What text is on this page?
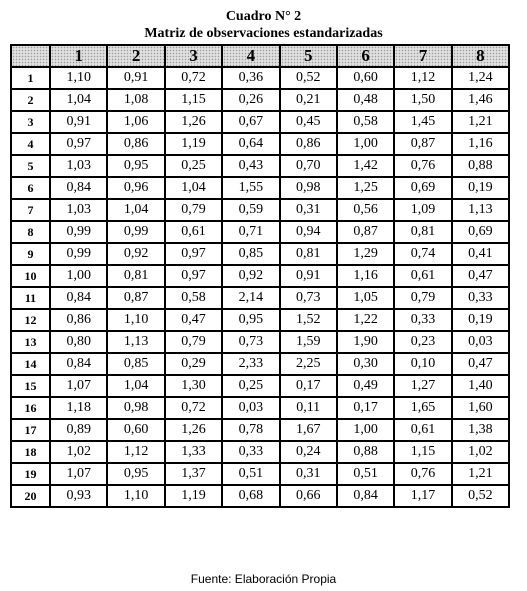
Cuadro N° 2
Matriz de observaciones estandarizadas
	1	2	3	4	5	6	7	8
1	1,10	0,91	0,72	0,36	0,52	0,60	1,12	1,24
2	1,04	1,08	1,15	0,26	0,21	0,48	1,50	1,46
3	0,91	1,06	1,26	0,67	0,45	0,58	1,45	1,21
4	0,97	0,86	1,19	0,64	0,86	1,00	0,87	1,16
5	1,03	0,95	0,25	0,43	0,70	1,42	0,76	0,88
6	0,84	0,96	1,04	1,55	0,98	1,25	0,69	0,19
7	1,03	1,04	0,79	0,59	0,31	0,56	1,09	1,13
8	0,99	0,99	0,61	0,71	0,94	0,87	0,81	0,69
9	0,99	0,92	0,97	0,85	0,81	1,29	0,74	0,41
10	1,00	0,81	0,97	0,92	0,91	1,16	0,61	0,47
11	0,84	0,87	0,58	2,14	0,73	1,05	0,79	0,33
12	0,86	1,10	0,47	0,95	1,52	1,22	0,33	0,19
13	0,80	1,13	0,79	0,73	1,59	1,90	0,23	0,03
14	0,84	0,85	0,29	2,33	2,25	0,30	0,10	0,47
15	1,07	1,04	1,30	0,25	0,17	0,49	1,27	1,40
16	1,18	0,98	0,72	0,03	0,11	0,17	1,65	1,60
17	0,89	0,60	1,26	0,78	1,67	1,00	0,61	1,38
18	1,02	1,12	1,33	0,33	0,24	0,88	1,15	1,02
19	1,07	0,95	1,37	0,51	0,31	0,51	0,76	1,21
20	0,93	1,10	1,19	0,68	0,66	0,84	1,17	0,52
Fuente: Elaboración Propia
